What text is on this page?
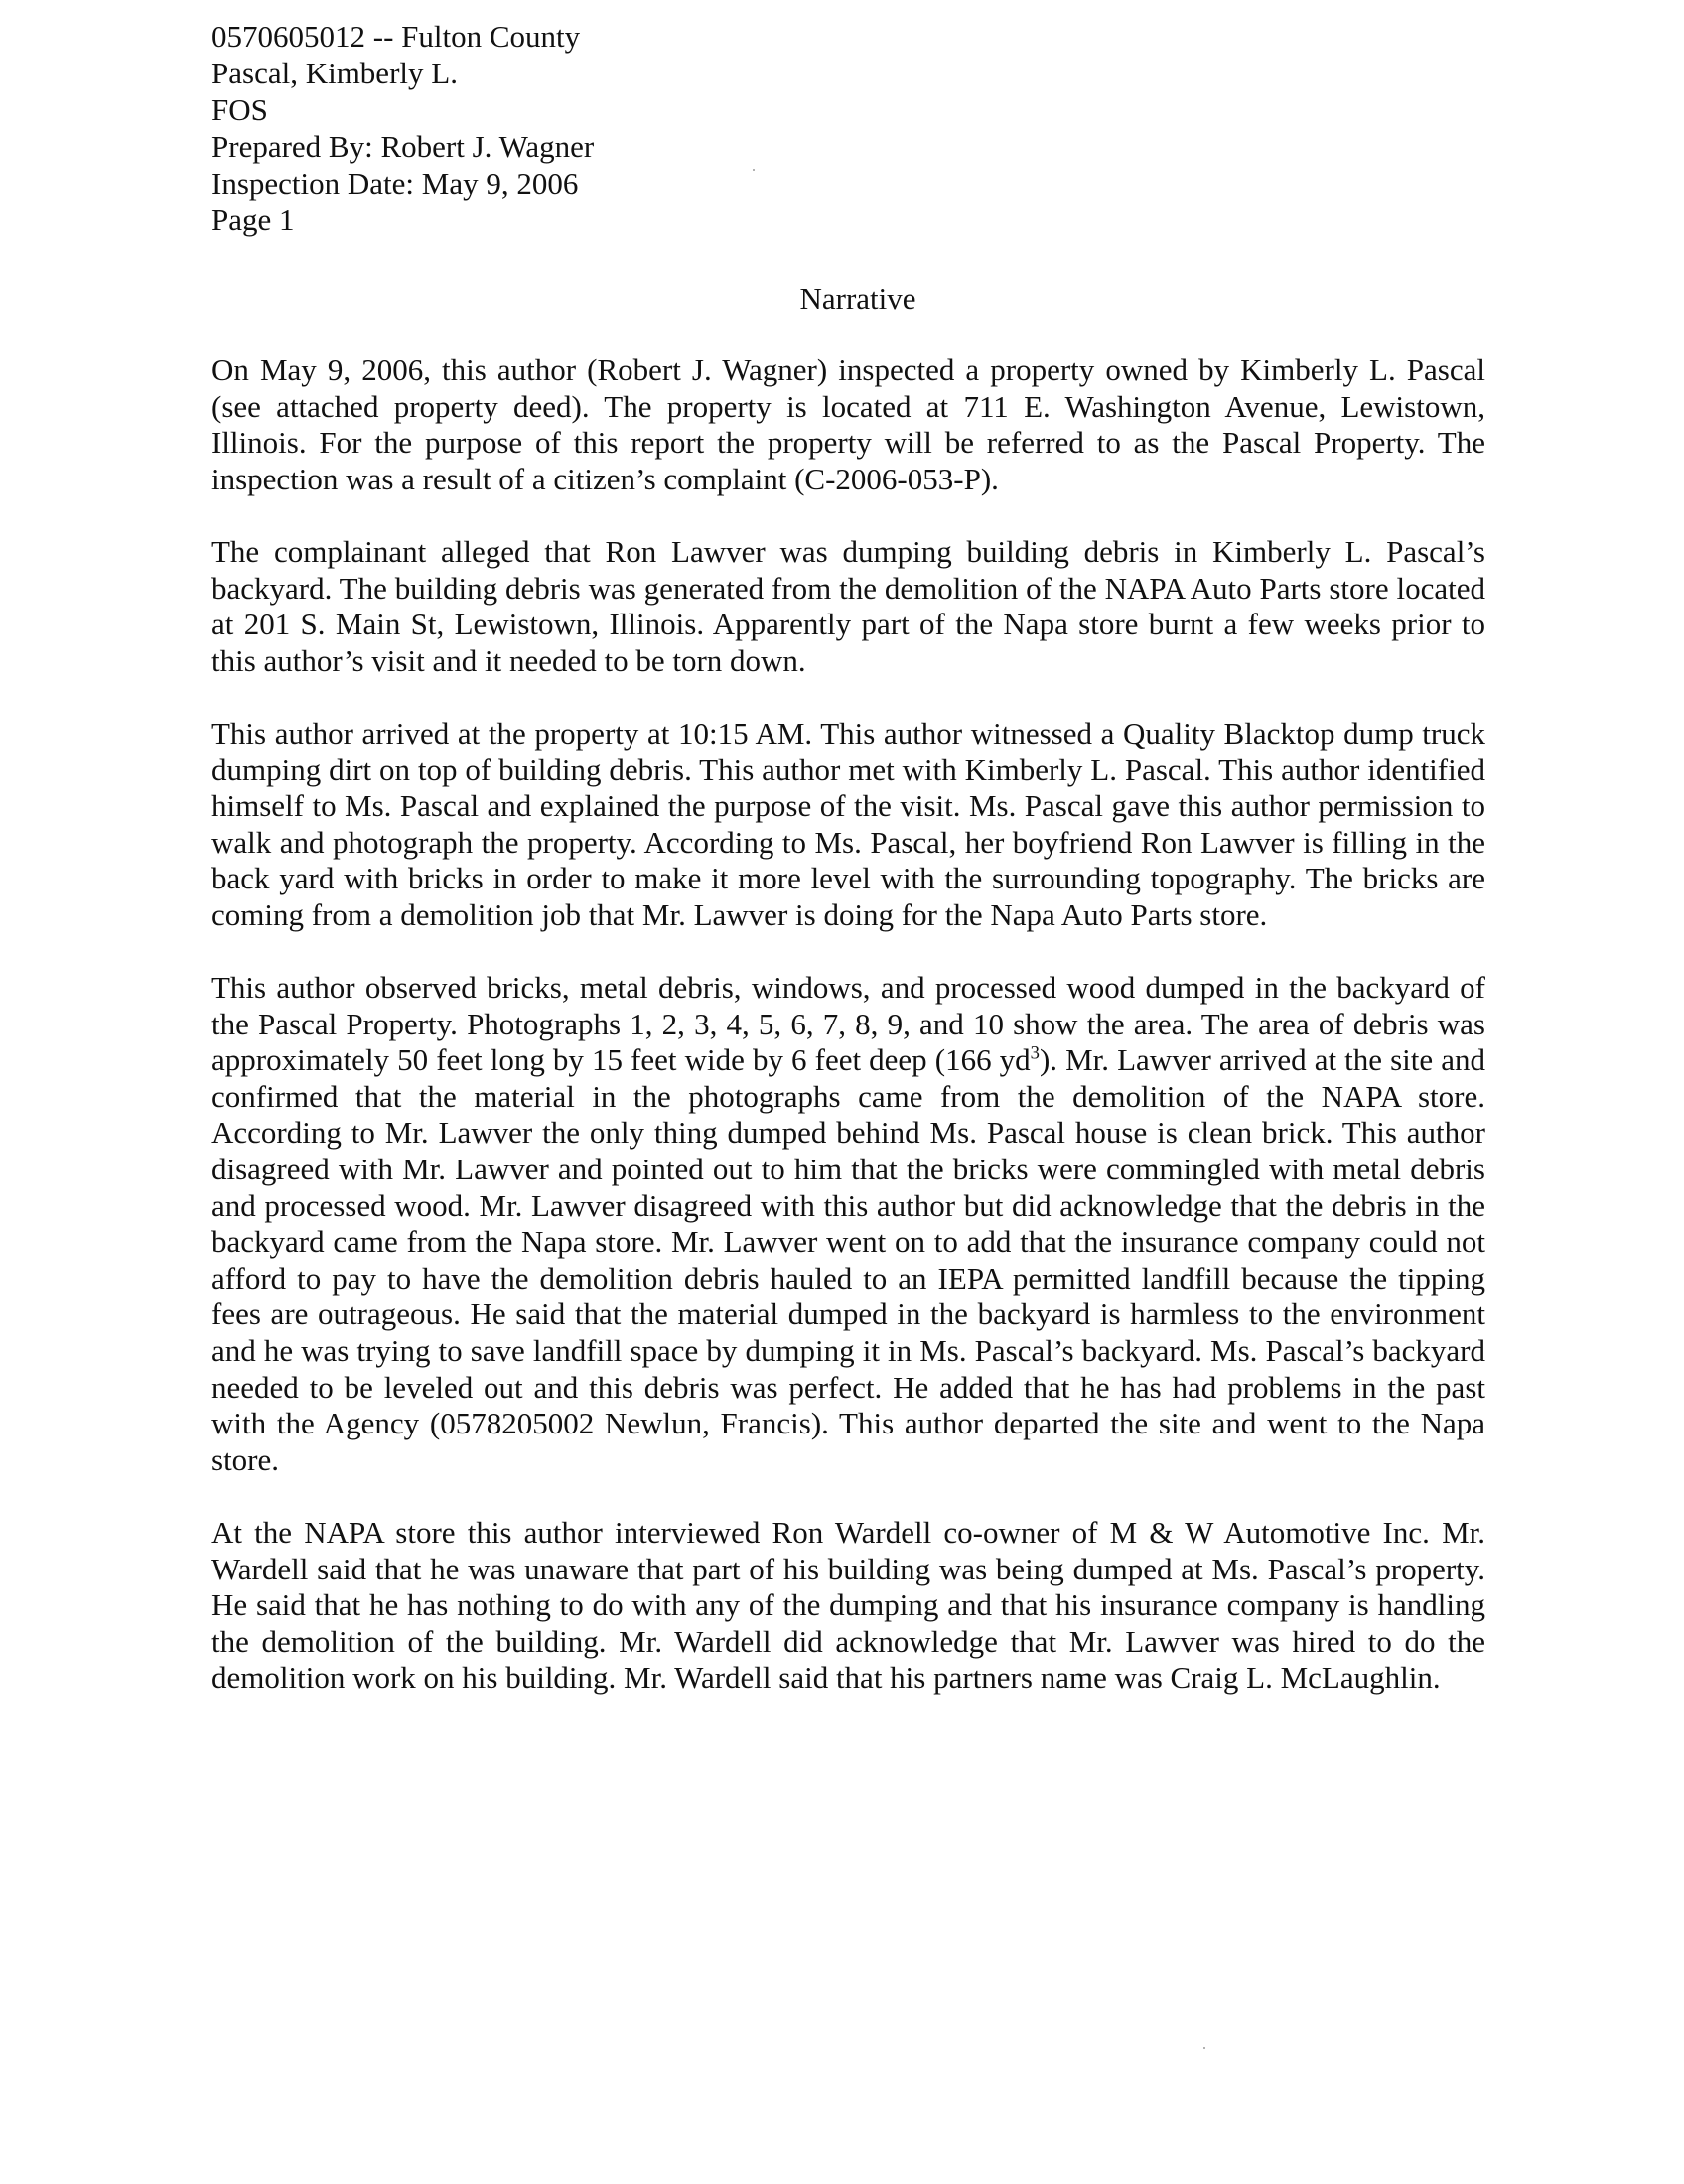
0570605012 -- Fulton County
Pascal, Kimberly L.
FOS
Prepared By: Robert J. Wagner
Inspection Date: May 9, 2006
Page 1
Narrative

On May 9, 2006, this author (Robert J. Wagner) inspected a property owned by Kimberly L. Pascal (see attached property deed). The property is located at 711 E. Washington Avenue, Lewistown, Illinois. For the purpose of this report the property will be referred to as the Pascal Property. The inspection was a result of a citizen’s complaint (C-2006-053-P).

The complainant alleged that Ron Lawver was dumping building debris in Kimberly L. Pascal’s backyard. The building debris was generated from the demolition of the NAPA Auto Parts store located at 201 S. Main St, Lewistown, Illinois. Apparently part of the Napa store burnt a few weeks prior to this author’s visit and it needed to be torn down.

This author arrived at the property at 10:15 AM. This author witnessed a Quality Blacktop dump truck dumping dirt on top of building debris. This author met with Kimberly L. Pascal. This author identified himself to Ms. Pascal and explained the purpose of the visit. Ms. Pascal gave this author permission to walk and photograph the property. According to Ms. Pascal, her boyfriend Ron Lawver is filling in the back yard with bricks in order to make it more level with the surrounding topography. The bricks are coming from a demolition job that Mr. Lawver is doing for the Napa Auto Parts store.

This author observed bricks, metal debris, windows, and processed wood dumped in the backyard of the Pascal Property. Photographs 1, 2, 3, 4, 5, 6, 7, 8, 9, and 10 show the area. The area of debris was approximately 50 feet long by 15 feet wide by 6 feet deep (166 $yd^3$). Mr. Lawver arrived at the site and confirmed that the material in the photographs came from the demolition of the NAPA store. According to Mr. Lawver the only thing dumped behind Ms. Pascal house is clean brick. This author disagreed with Mr. Lawver and pointed out to him that the bricks were commingled with metal debris and processed wood. Mr. Lawver disagreed with this author but did acknowledge that the debris in the backyard came from the Napa store. Mr. Lawver went on to add that the insurance company could not afford to pay to have the demolition debris hauled to an IEPA permitted landfill because the tipping fees are outrageous. He said that the material dumped in the backyard is harmless to the environment and he was trying to save landfill space by dumping it in Ms. Pascal’s backyard. Ms. Pascal’s backyard needed to be leveled out and this debris was perfect. He added that he has had problems in the past with the Agency (0578205002 Newlun, Francis). This author departed the site and went to the Napa store.

At the NAPA store this author interviewed Ron Wardell co-owner of M & W Automotive Inc. Mr. Wardell said that he was unaware that part of his building was being dumped at Ms. Pascal’s property. He said that he has nothing to do with any of the dumping and that his insurance company is handling the demolition of the building. Mr. Wardell did acknowledge that Mr. Lawver was hired to do the demolition work on his building. Mr. Wardell said that his partners name was Craig L. McLaughlin.
